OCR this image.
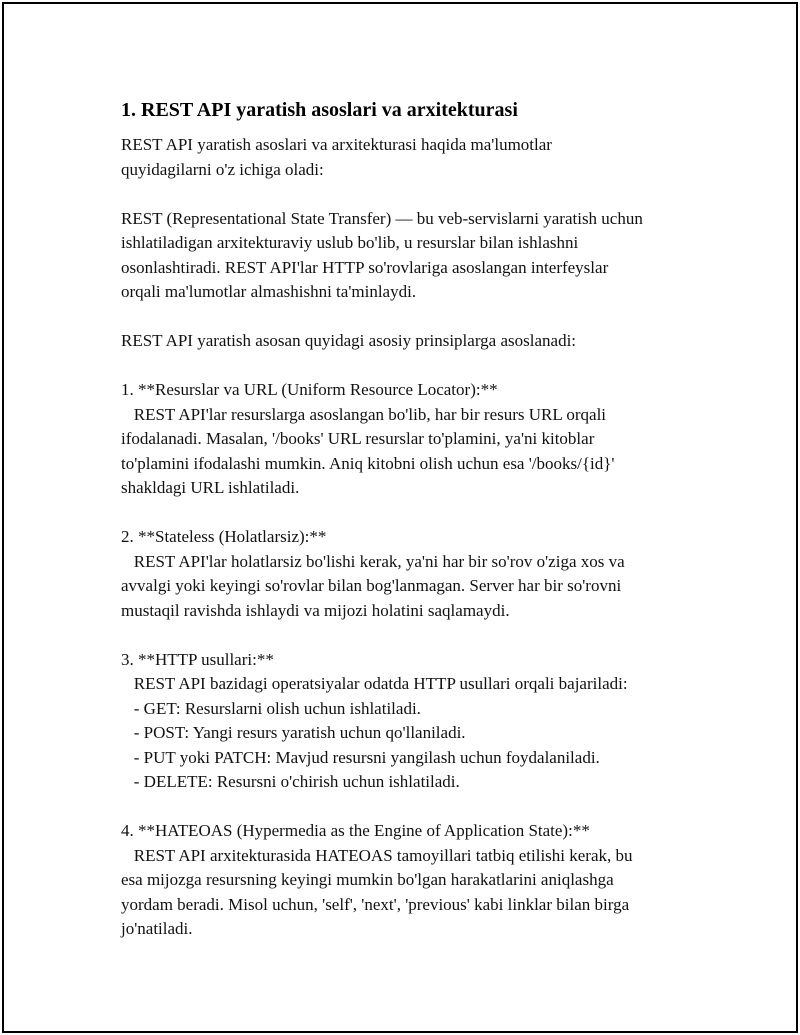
1. REST API yaratish asoslari va arxitekturasi

REST API yaratish asoslari va arxitekturasi haqida ma'lumotlar
quyidagilarni o'z ichiga oladi:

REST (Representational State Transfer) — bu veb-servislarni yaratish uchun
ishlatiladigan arxitekturaviy uslub bo'lib, u resurslar bilan ishlashni
osonlashtiradi. REST API'lar HTTP so'rovlariga asoslangan interfeyslar
orqali ma'lumotlar almashishni ta'minlaydi.

REST API yaratish asosan quyidagi asosiy prinsiplarga asoslanadi:

1. **Resurslar va URL (Uniform Resource Locator):**
REST API'lar resurslarga asoslangan bo'lib, har bir resurs URL orqali
ifodalanadi. Masalan, '/books' URL resurslar to'plamini, ya'ni kitoblar
to'plamini ifodalashi mumkin. Aniq kitobni olish uchun esa '/books/{id}'
shakldagi URL ishlatiladi.

2. **Stateless (Holatlarsiz):**
REST API'lar holatlarsiz bo'lishi kerak, ya'ni har bir so'rov o'ziga xos va
avvalgi yoki keyingi so'rovlar bilan bog'lanmagan. Server har bir so'rovni
mustaqil ravishda ishlaydi va mijozi holatini saqlamaydi.

3. **HTTP usullari:**
REST API bazidagi operatsiyalar odatda HTTP usullari orqali bajariladi:
- GET: Resurslarni olish uchun ishlatiladi.
- POST: Yangi resurs yaratish uchun qo'llaniladi.
- PUT yoki PATCH: Mavjud resursni yangilash uchun foydalaniladi.
- DELETE: Resursni o'chirish uchun ishlatiladi.

4. **HATEOAS (Hypermedia as the Engine of Application State):**
REST API arxitekturasida HATEOAS tamoyillari tatbiq etilishi kerak, bu
esa mijozga resursning keyingi mumkin bo'lgan harakatlarini aniqlashga
yordam beradi. Misol uchun, 'self', 'next', 'previous' kabi linklar bilan birga
jo'natiladi.
